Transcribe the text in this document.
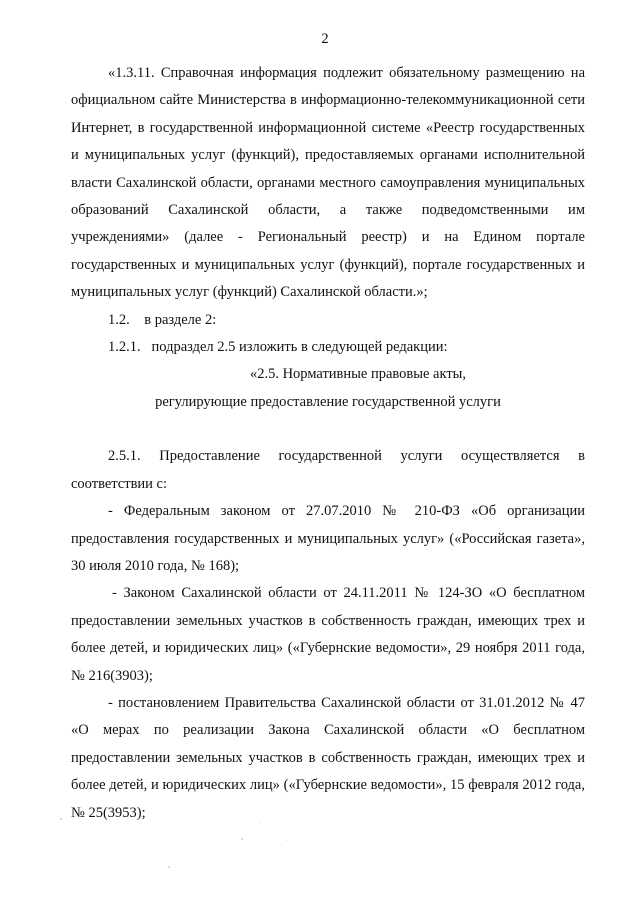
2

«1.3.11. Справочная информация подлежит обязательному размещению на официальном сайте Министерства в информационно-телекоммуникационной сети Интернет, в государственной информационной системе «Реестр государственных и муниципальных услуг (функций), предоставляемых органами исполнительной власти Сахалинской области, органами местного самоуправления муниципальных образований Сахалинской области, а также подведомственными им учреждениями» (далее - Региональный реестр) и на Едином портале государственных и муниципальных услуг (функций), портале государственных и муниципальных услуг (функций) Сахалинской области.»;

1.2.    в разделе 2:

1.2.1.   подраздел 2.5 изложить в следующей редакции:

«2.5. Нормативные правовые акты,

регулирующие предоставление государственной услуги

2.5.1. Предоставление государственной услуги осуществляется в соответствии с:

- Федеральным законом от 27.07.2010 № 210-ФЗ «Об организации предоставления государственных и муниципальных услуг» («Российская газета», 30 июля 2010 года, № 168);

- Законом Сахалинской области от 24.11.2011 № 124-ЗО «О бесплатном предоставлении земельных участков в собственность граждан, имеющих трех и более детей, и юридических лиц» («Губернские ведомости», 29 ноября 2011 года, № 216(3903);

- постановлением Правительства Сахалинской области от 31.01.2012 № 47 «О мерах по реализации Закона Сахалинской области «О бесплатном предоставлении земельных участков в собственность граждан, имеющих трех и более детей, и юридических лиц» («Губернские ведомости», 15 февраля 2012 года, № 25(3953);
